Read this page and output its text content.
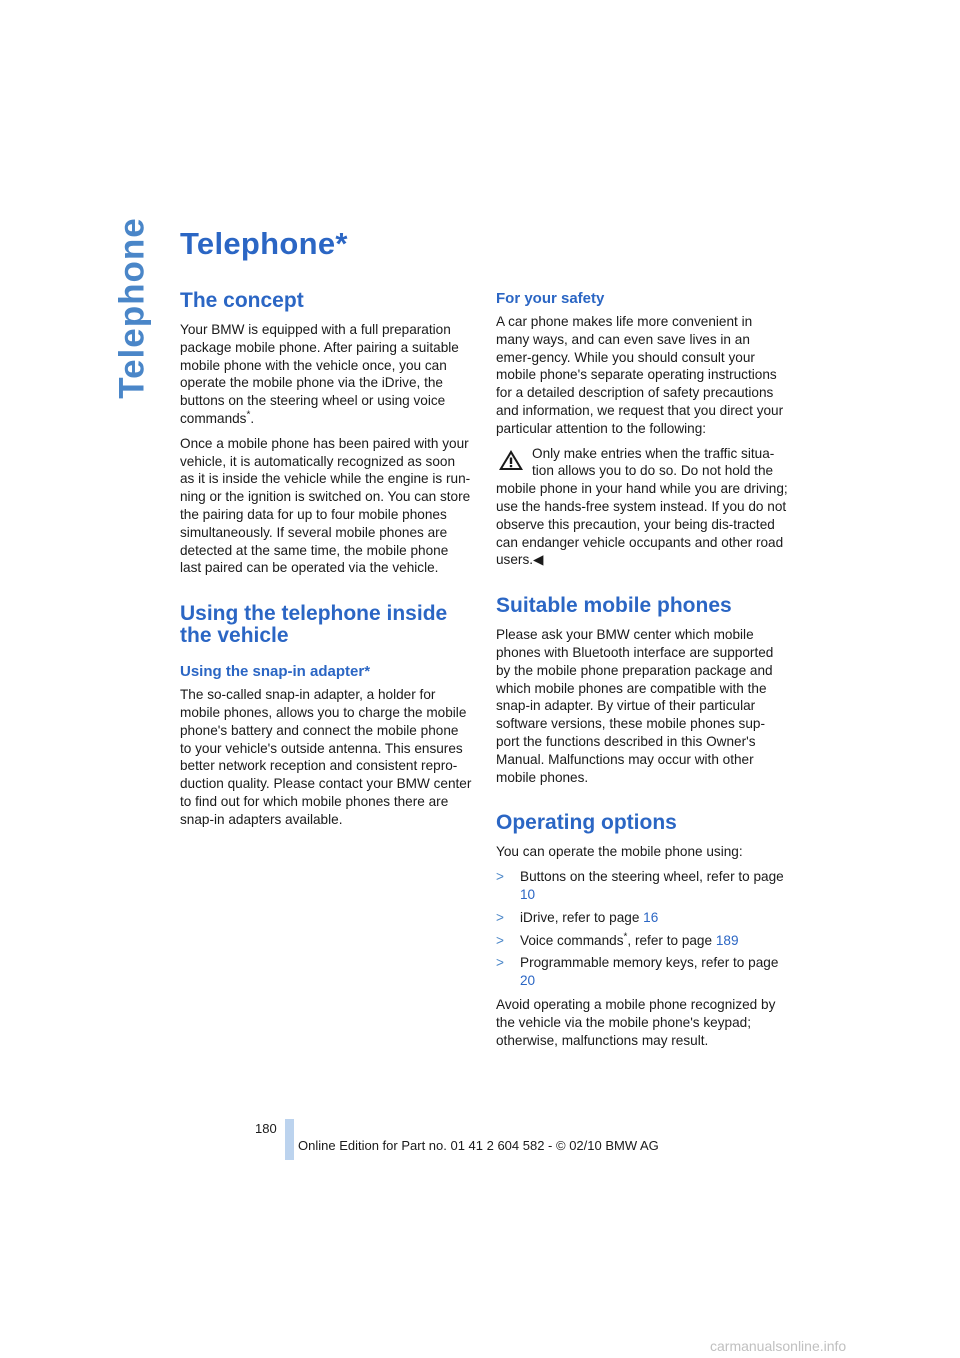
Telephone Telephone*
The concept

Your BMW is equipped with a full preparation package mobile phone. After pairing a suitable mobile phone with the vehicle once, you can operate the mobile phone via the iDrive, the buttons on the steering wheel or using voice commands*.

Once a mobile phone has been paired with your vehicle, it is automatically recognized as soon as it is inside the vehicle while the engine is run-ning or the ignition is switched on. You can store the pairing data for up to four mobile phones simultaneously. If several mobile phones are detected at the same time, the mobile phone last paired can be operated via the vehicle.

Using the telephone inside the vehicle
Using the snap-in adapter*

The so-called snap-in adapter, a holder for mobile phones, allows you to charge the mobile phone's battery and connect the mobile phone to your vehicle's outside antenna. This ensures better network reception and consistent repro-duction quality. Please contact your BMW center to find out for which mobile phones there are snap-in adapters available.

For your safety

A car phone makes life more convenient in many ways, and can even save lives in an emer-gency. While you should consult your mobile phone's separate operating instructions for a detailed description of safety precautions and information, we request that you direct your particular attention to the following:

Only make entries when the traffic situa-tion allows you to do so. Do not hold the

mobile phone in your hand while you are driving; use the hands-free system instead. If you do not observe this precaution, your being dis-tracted can endanger vehicle occupants and other road users.◀

Suitable mobile phones

Please ask your BMW center which mobile phones with Bluetooth interface are supported by the mobile phone preparation package and which mobile phones are compatible with the snap-in adapter. By virtue of their particular software versions, these mobile phones sup-port the functions described in this Owner's Manual. Malfunctions may occur with other mobile phones.

Operating options

You can operate the mobile phone using:

> Buttons on the steering wheel, refer to page 10
> iDrive, refer to page 16
> Voice commands*, refer to page 189
> Programmable memory keys, refer to page 20

Avoid operating a mobile phone recognized by the vehicle via the mobile phone's keypad; otherwise, malfunctions may result.

180
Online Edition for Part no. 01 41 2 604 582 - © 02/10 BMW AG
carmanualsonline.info
